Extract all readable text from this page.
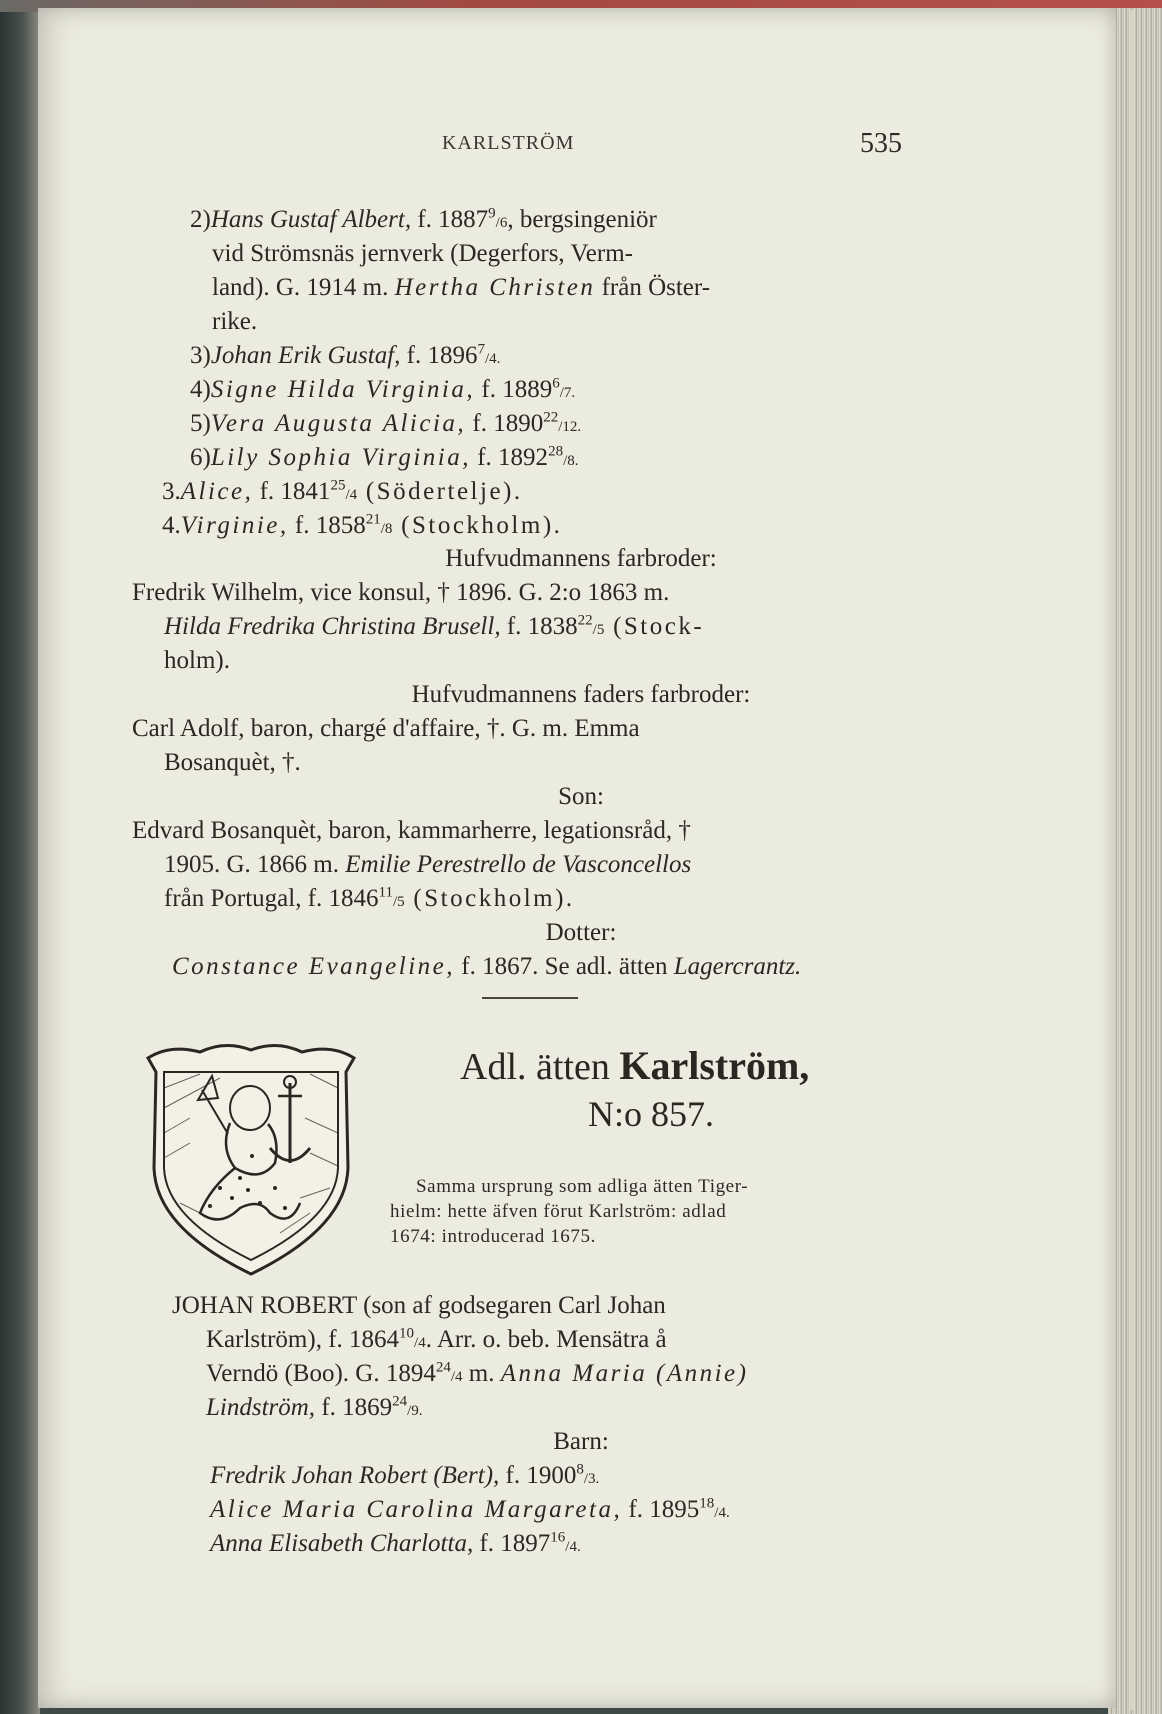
KARLSTRÖM	535
2)Hans Gustaf Albert, f. 1887$^9$/6, bergsingeniör
vid Strömsnäs jernverk (Degerfors, Verm-
land). G. 1914 m. Hertha Christen från Öster-
rike.
3)Johan Erik Gustaf, f. 1896$^7$/4.
4)Signe Hilda Virginia, f. 1889$^6$/7.
5)Vera Augusta Alicia, f. 1890$^{22}$/12.
6)Lily Sophia Virginia, f. 1892$^{28}$/8.
3.Alice, f. 1841$^{25}$/4 (Södertelje).
4.Virginie, f. 1858$^{21}$/8 (Stockholm).
Hufvudmannens farbroder:
Fredrik Wilhelm, vice konsul, † 1896. G. 2:o 1863 m.
Hilda Fredrika Christina Brusell, f. 1838$^{22}$/5 (Stock-
holm).
Hufvudmannens faders farbroder:
Carl Adolf, baron, chargé d'affaire, †. G. m. Emma
Bosanquèt, †.
Son:
Edvard Bosanquèt, baron, kammarherre, legationsråd, †
1905. G. 1866 m. Emilie Perestrello de Vasconcellos
från Portugal, f. 1846$^{11}$/5 (Stockholm).
Dotter:
Constance Evangeline, f. 1867. Se adl. ätten Lagercrantz.
Adl. ätten Karlström,
N:o 857.
Samma ursprung som adliga ätten Tiger-
hielm: hette äfven förut Karlström: adlad
1674: introducerad 1675.
JOHAN ROBERT (son af godsegaren Carl Johan
Karlström), f. 1864$^{10}$/4. Arr. o. beb. Mensätra å
Verndö (Boo). G. 1894$^{24}$/4 m. Anna Maria (Annie)
Lindström, f. 1869$^{24}$/9.
Barn:
Fredrik Johan Robert (Bert), f. 1900$^8$/3.
Alice Maria Carolina Margareta, f. 1895$^{18}$/4.
Anna Elisabeth Charlotta, f. 1897$^{16}$/4.
